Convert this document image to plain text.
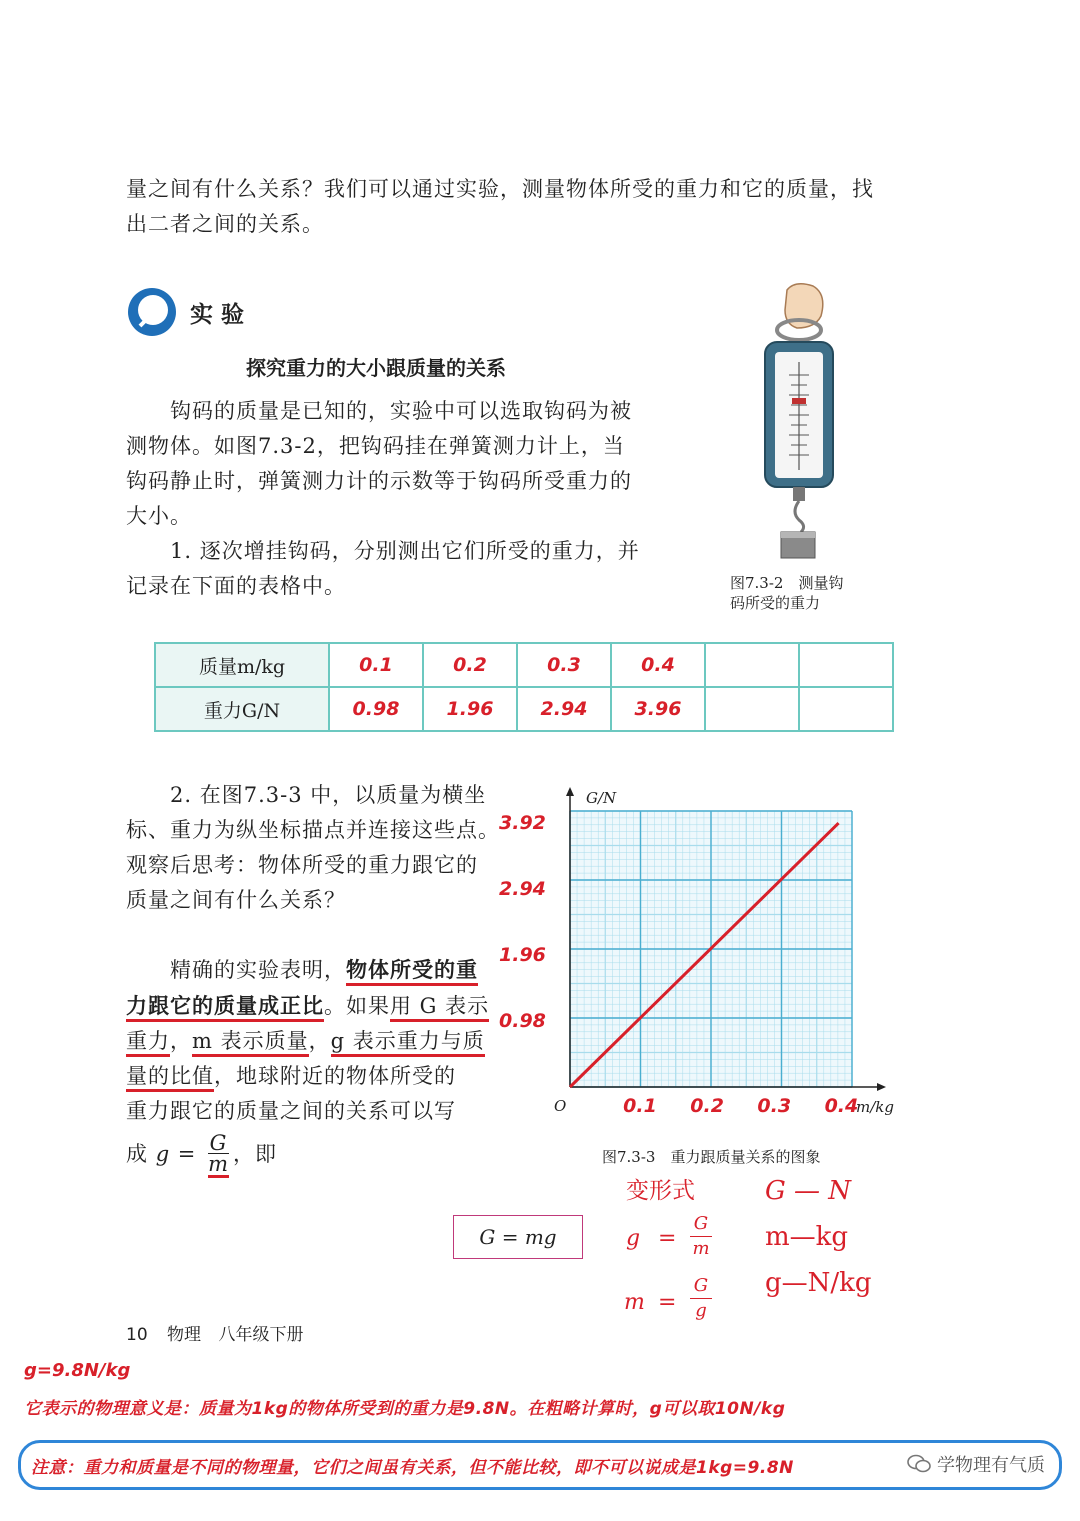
量之间有什么关系？我们可以通过实验，测量物体所受的重力和它的质量，找
出二者之间的关系。
实 验
探究重力的大小跟质量的关系
钩码的质量是已知的，实验中可以选取钩码为被
测物体。如图7.3-2，把钩码挂在弹簧测力计上，当
钩码静止时，弹簧测力计的示数等于钩码所受重力的
大小。
1. 逐次增挂钩码，分别测出它们所受的重力，并
记录在下面的表格中。	图7.3-2　测量钩
码所受的重力
质量m/kg	0.1	0.2	0.3	0.4		
重力G/N	0.98	1.96	2.94	3.96		
2. 在图7.3-3 中，以质量为横坐
标、重力为纵坐标描点并连接这些点。
观察后思考：物体所受的重力跟它的
质量之间有什么关系？
精确的实验表明，物体所受的重
力跟它的质量成正比。如果用 G 表示
重力，m 表示质量，g 表示重力与质
量的比值，地球附近的物体所受的
重力跟它的质量之间的关系可以写
成 $g = \frac{G}{m}$ ，即
G = mg
G/N
m/kg
O	0.1 0.2 0.3 0.4
0.98
1.96
2.94
3.92
图7.3-3　重力跟质量关系的图象
变形式	G — N
g =
G
m m—kg
m =
G
g
g—N/kg
10 物理 八年级下册
g=9.8N/kg
它表示的物理意义是：质量为1kg的物体所受到的重力是9.8N。在粗略计算时，g可以取10N/kg
注意：重力和质量是不同的物理量，它们之间虽有关系，但不能比较，即不可以说成是1kg=9.8N	学物理有气质
